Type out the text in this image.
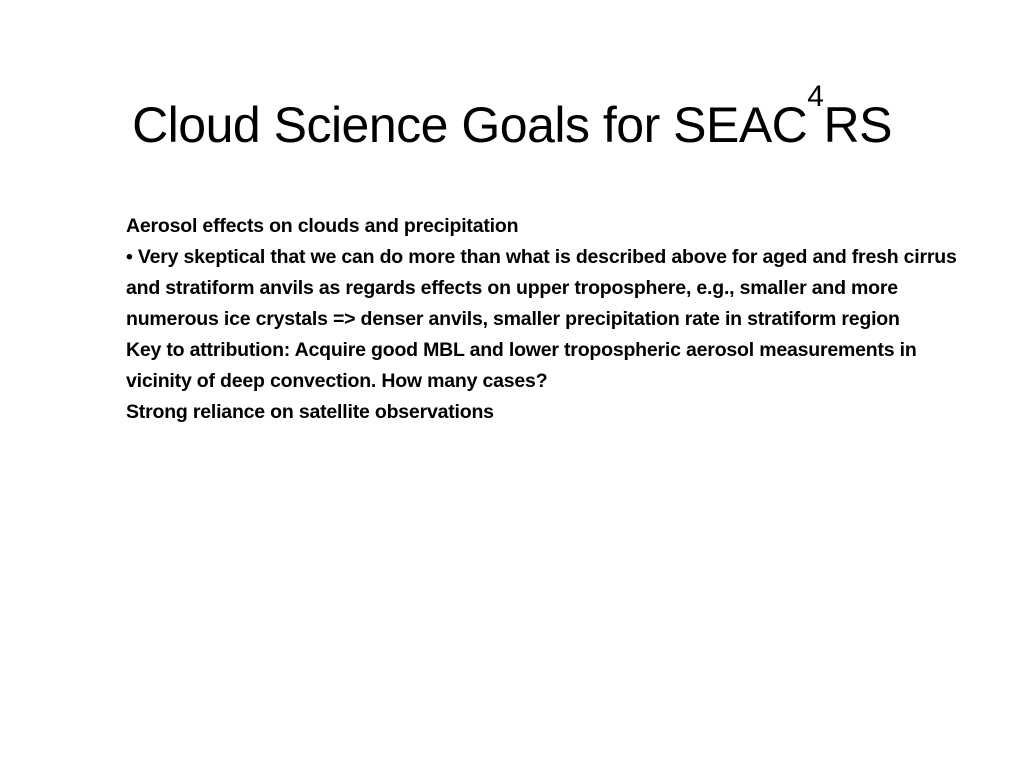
Cloud Science Goals for SEAC$^4$RS

Aerosol effects on clouds and precipitation

• Very skeptical that we can do more than what is described above for aged and fresh cirrus and stratiform anvils as regards effects on upper troposphere, e.g., smaller and more numerous ice crystals => denser anvils, smaller precipitation rate in stratiform region

Key to attribution: Acquire good MBL and lower tropospheric aerosol measurements in vicinity of deep convection. How many cases?

Strong reliance on satellite observations
